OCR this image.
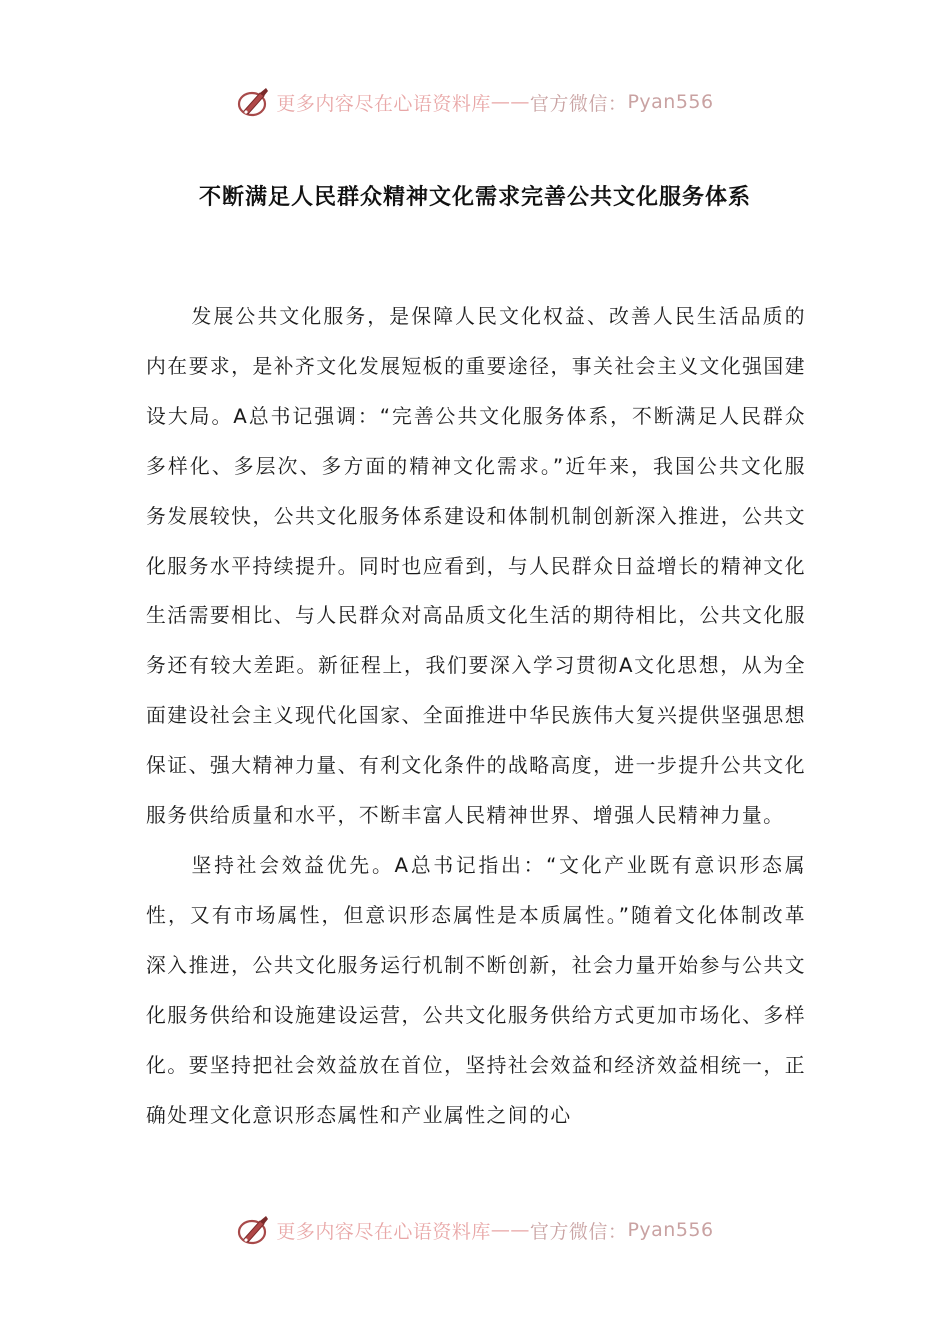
更多内容尽在心语资料库 —— 官方微信： Pyan556
不断满足人民群众精神文化需求完善公共文化服务体系

发展公共文化服务，是保障人民文化权益、改善人民生活品质的内在要求，是补齐文化发展短板的重要途径，事关社会主义文化强国建设大局。A总书记强调：“完善公共文化服务体系，不断满足人民群众多样化、多层次、多方面的精神文化需求。”近年来，我国公共文化服务发展较快，公共文化服务体系建设和体制机制创新深入推进，公共文化服务水平持续提升。同时也应看到，与人民群众日益增长的精神文化生活需要相比、与人民群众对高品质文化生活的期待相比，公共文化服务还有较大差距。新征程上，我们要深入学习贯彻A文化思想，从为全面建设社会主义现代化国家、全面推进中华民族伟大复兴提供坚强思想保证、强大精神力量、有利文化条件的战略高度，进一步提升公共文化服务供给质量和水平，不断丰富人民精神世界、增强人民精神力量。

坚持社会效益优先。A总书记指出：“文化产业既有意识形态属性，又有市场属性，但意识形态属性是本质属性。”随着文化体制改革深入推进，公共文化服务运行机制不断创新，社会力量开始参与公共文化服务供给和设施建设运营，公共文化服务供给方式更加市场化、多样化。要坚持把社会效益放在首位，坚持社会效益和经济效益相统一，正确处理文化意识形态属性和产业属性之间的心

更多内容尽在心语资料库 —— 官方微信： Pyan556
